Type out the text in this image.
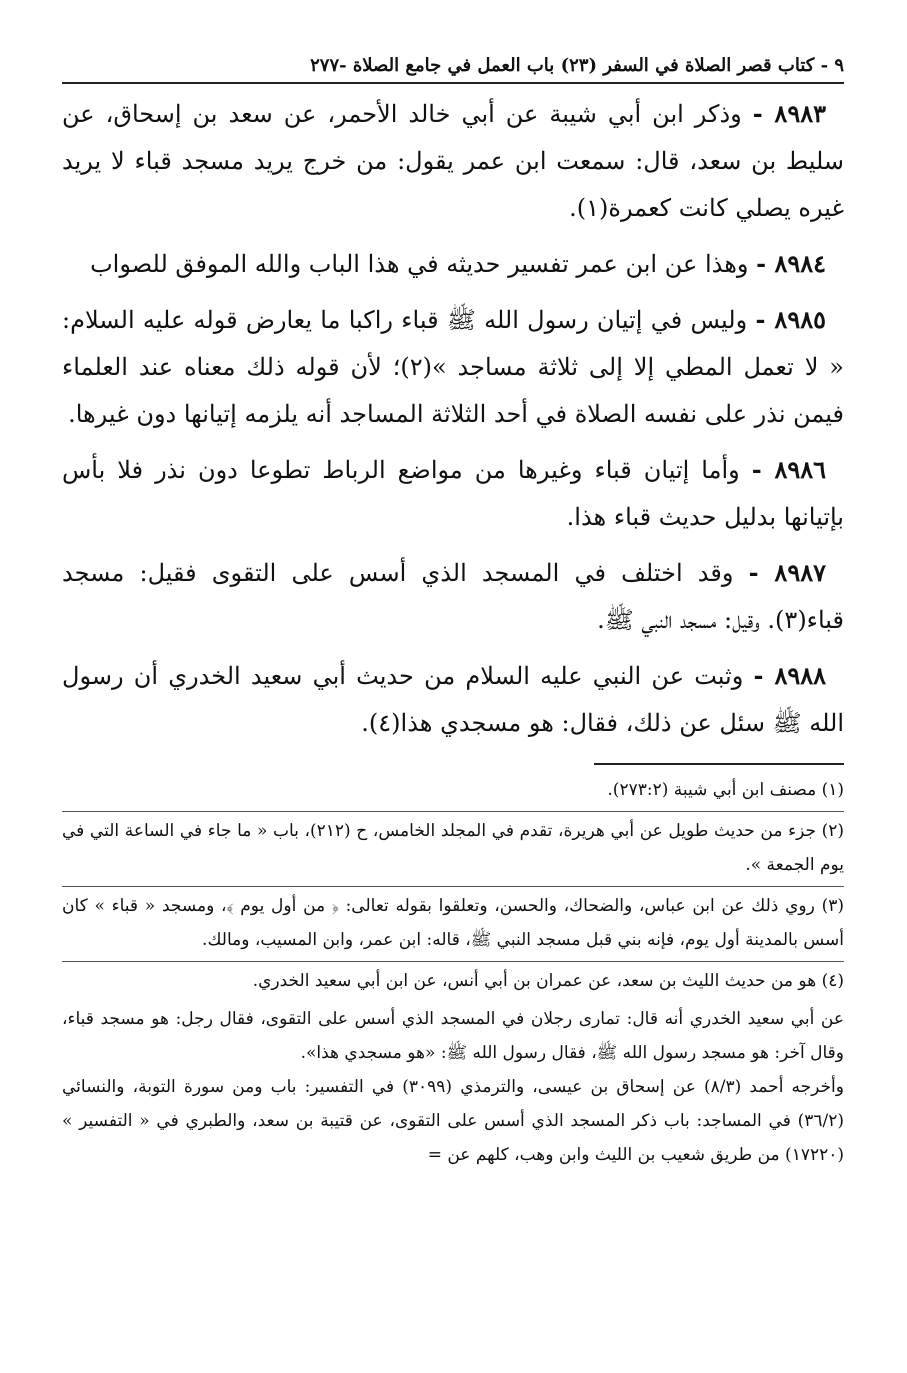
٩ - كتاب قصر الصلاة في السفر (٢٣) باب العمل في جامع الصلاة -٢٧٧

٨٩٨٣ - وذكر ابن أبي شيبة عن أبي خالد الأحمر، عن سعد بن إسحاق، عن سليط بن سعد، قال: سمعت ابن عمر يقول: من خرج يريد مسجد قباء لا يريد غيره يصلي كانت كعمرة(١).

٨٩٨٤ - وهذا عن ابن عمر تفسير حديثه في هذا الباب والله الموفق للصواب

٨٩٨٥ - وليس في إتيان رسول الله ﷺ قباء راكبا ما يعارض قوله عليه السلام: « لا تعمل المطي إلا إلى ثلاثة مساجد »(٢)؛ لأن قوله ذلك معناه عند العلماء فيمن نذر على نفسه الصلاة في أحد الثلاثة المساجد أنه يلزمه إتيانها دون غيرها.

٨٩٨٦ - وأما إتيان قباء وغيرها من مواضع الرباط تطوعا دون نذر فلا بأس بإتيانها بدليل حديث قباء هذا.

٨٩٨٧ - وقد اختلف في المسجد الذي أسس على التقوى فقيل: مسجد قباء(٣). وقيل: مسجد النبي ﷺ.

٨٩٨٨ - وثبت عن النبي عليه السلام من حديث أبي سعيد الخدري أن رسول الله ﷺ سئل عن ذلك، فقال: هو مسجدي هذا(٤).

(١) مصنف ابن أبي شيبة (٢٧٣:٢).

(٢) جزء من حديث طويل عن أبي هريرة، تقدم في المجلد الخامس، ح (٢١٢)، باب « ما جاء في الساعة التي في يوم الجمعة ».

(٣) روي ذلك عن ابن عباس، والضحاك، والحسن، وتعلقوا بقوله تعالى: ﴿ من أول يوم ﴾، ومسجد « قباء » كان أسس بالمدينة أول يوم، فإنه بني قبل مسجد النبي ﷺ، قاله: ابن عمر، وابن المسيب، ومالك.

(٤) هو من حديث الليث بن سعد، عن عمران بن أبي أنس، عن ابن أبي سعيد الخدري.

عن أبي سعيد الخدري أنه قال: تمارى رجلان في المسجد الذي أسس على التقوى، فقال رجل: هو مسجد قباء، وقال آخر: هو مسجد رسول الله ﷺ، فقال رسول الله ﷺ: «هو مسجدي هذا».

وأخرجه أحمد (٨/٣) عن إسحاق بن عيسى، والترمذي (٣٠٩٩) في التفسير: باب ومن سورة التوبة، والنسائي (٣٦/٢) في المساجد: باب ذكر المسجد الذي أسس على التقوى، عن قتيبة بن سعد، والطبري في « التفسير » (١٧٢٢٠) من طريق شعيب بن الليث وابن وهب، كلهم عن =
